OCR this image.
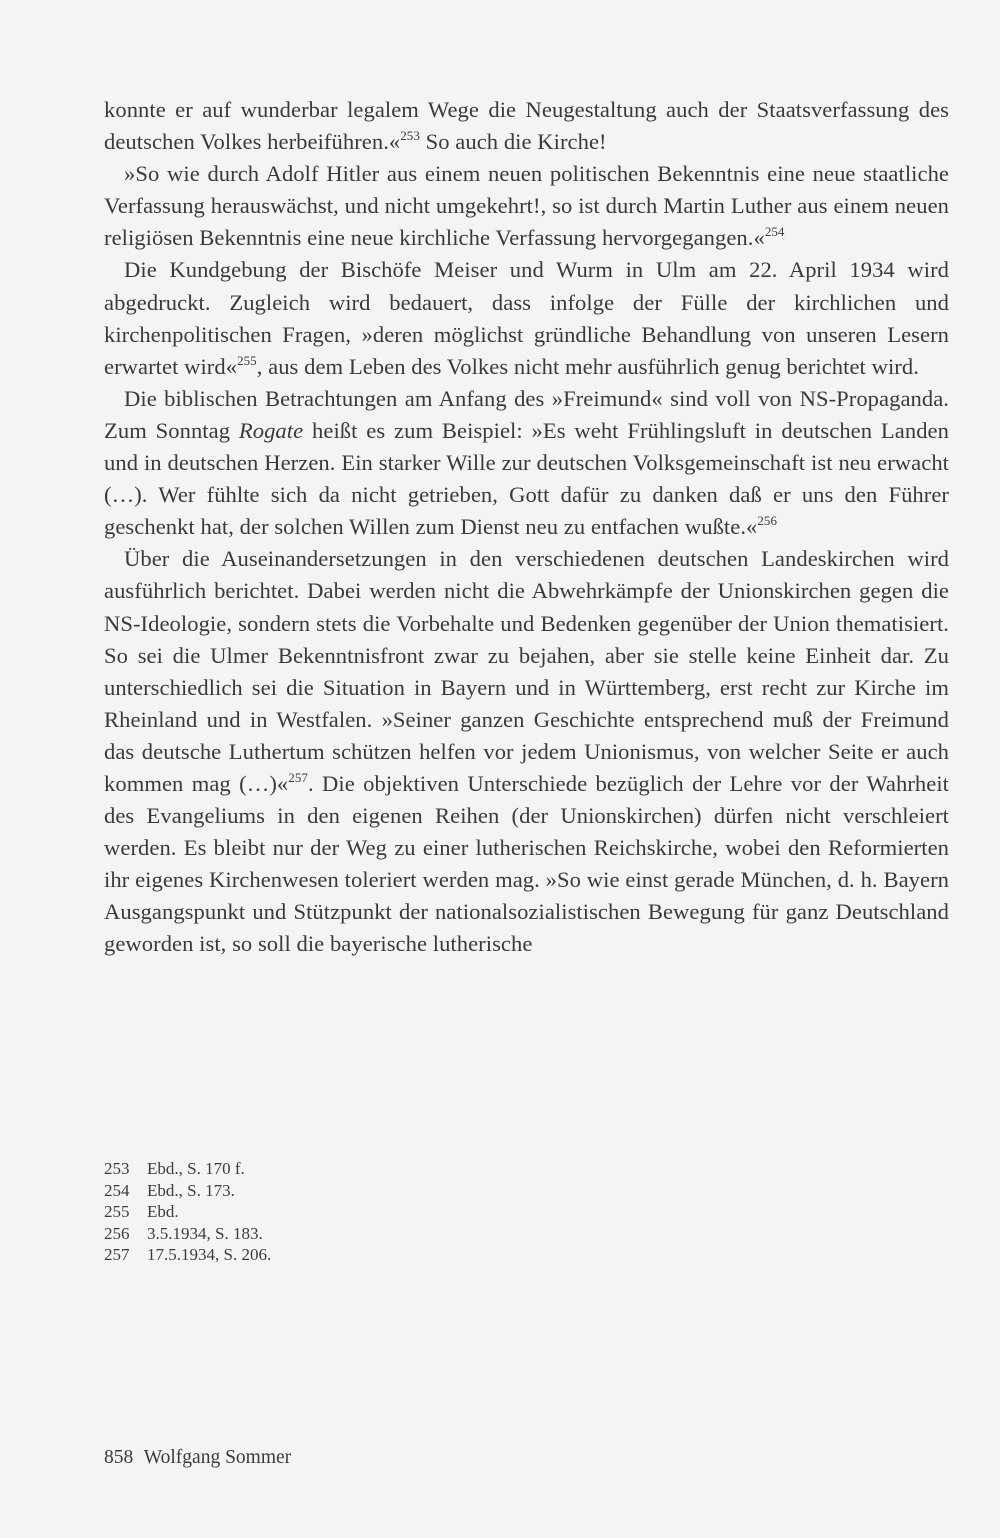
konnte er auf wunderbar legalem Wege die Neugestaltung auch der Staatsverfassung des deutschen Volkes herbeiführen.«$^{253}$ So auch die Kirche!

»So wie durch Adolf Hitler aus einem neuen politischen Bekenntnis eine neue staatliche Verfassung herauswächst, und nicht umgekehrt!, so ist durch Martin Luther aus einem neuen religiösen Bekenntnis eine neue kirchliche Verfassung hervorgegangen.«$^{254}$

Die Kundgebung der Bischöfe Meiser und Wurm in Ulm am 22. April 1934 wird abgedruckt. Zugleich wird bedauert, dass infolge der Fülle der kirchlichen und kirchenpolitischen Fragen, »deren möglichst gründliche Behandlung von unseren Lesern erwartet wird«$^{255}$, aus dem Leben des Volkes nicht mehr ausführlich genug berichtet wird.

Die biblischen Betrachtungen am Anfang des »Freimund« sind voll von NS-Propaganda. Zum Sonntag Rogate heißt es zum Beispiel: »Es weht Frühlingsluft in deutschen Landen und in deutschen Herzen. Ein starker Wille zur deutschen Volksgemeinschaft ist neu erwacht (…). Wer fühlte sich da nicht getrieben, Gott dafür zu danken daß er uns den Führer geschenkt hat, der solchen Willen zum Dienst neu zu entfachen wußte.«$^{256}$

Über die Auseinandersetzungen in den verschiedenen deutschen Landeskirchen wird ausführlich berichtet. Dabei werden nicht die Abwehrkämpfe der Unionskirchen gegen die NS-Ideologie, sondern stets die Vorbehalte und Bedenken gegenüber der Union thematisiert. So sei die Ulmer Bekenntnisfront zwar zu bejahen, aber sie stelle keine Einheit dar. Zu unterschiedlich sei die Situation in Bayern und in Württemberg, erst recht zur Kirche im Rheinland und in Westfalen. »Seiner ganzen Geschichte entsprechend muß der Freimund das deutsche Luthertum schützen helfen vor jedem Unionismus, von welcher Seite er auch kommen mag (…)«$^{257}$. Die objektiven Unterschiede bezüglich der Lehre vor der Wahrheit des Evangeliums in den eigenen Reihen (der Unionskirchen) dürfen nicht verschleiert werden. Es bleibt nur der Weg zu einer lutherischen Reichskirche, wobei den Reformierten ihr eigenes Kirchenwesen toleriert werden mag. »So wie einst gerade München, d. h. Bayern Ausgangspunkt und Stützpunkt der nationalsozialistischen Bewegung für ganz Deutschland geworden ist, so soll die bayerische lutherische

253	Ebd., S. 170 f.
254	Ebd., S. 173.
255	Ebd.
256	3.5.1934, S. 183.
257	17.5.1934, S. 206.
858 Wolfgang Sommer
